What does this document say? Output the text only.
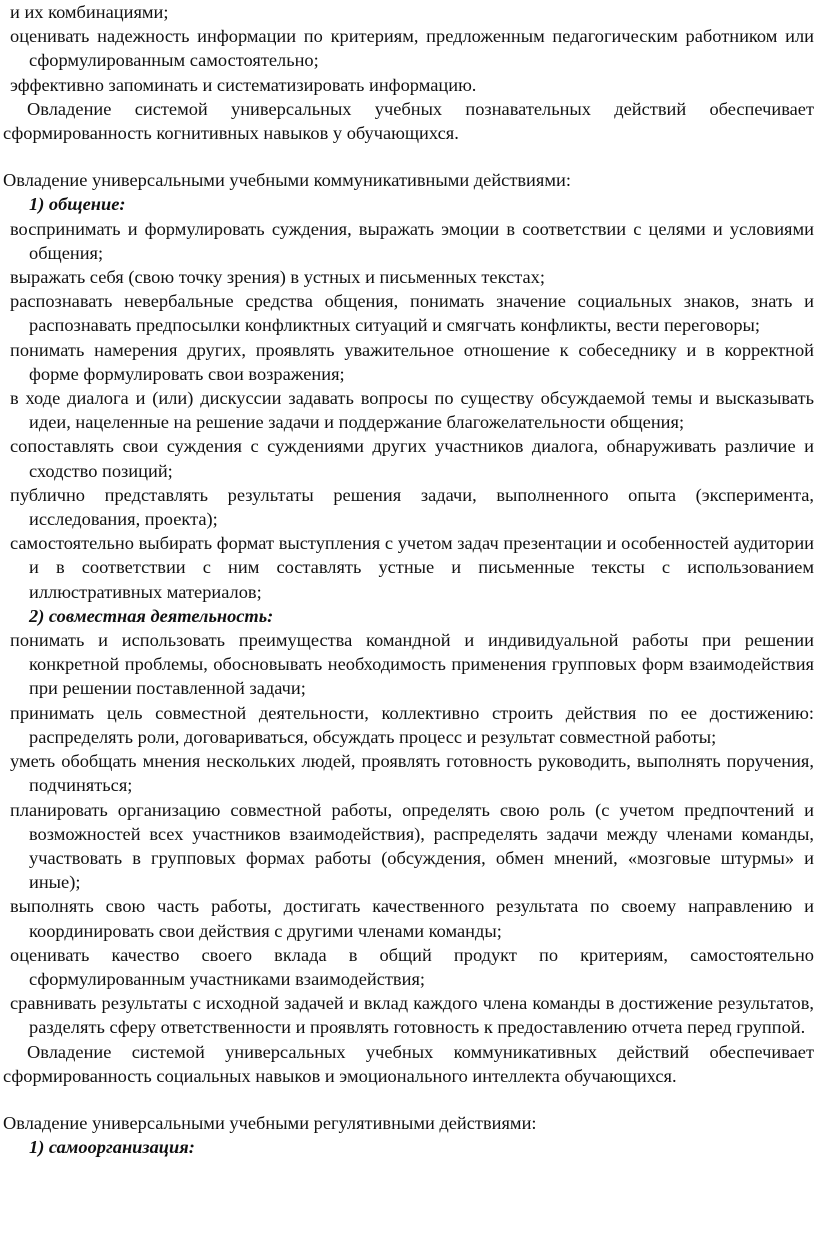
и их комбинациями;

оценивать надежность информации по критериям, предложенным педагогическим работником или сформулированным самостоятельно;

эффективно запоминать и систематизировать информацию.

Овладение системой универсальных учебных познавательных действий обеспечивает сформированность когнитивных навыков у обучающихся.

Овладение универсальными учебными коммуникативными действиями:

1) общение:

воспринимать и формулировать суждения, выражать эмоции в соответствии с целями и условиями общения;

выражать себя (свою точку зрения) в устных и письменных текстах;

распознавать невербальные средства общения, понимать значение социальных знаков, знать и распознавать предпосылки конфликтных ситуаций и смягчать конфликты, вести переговоры;

понимать намерения других, проявлять уважительное отношение к собеседнику и в корректной форме формулировать свои возражения;

в ходе диалога и (или) дискуссии задавать вопросы по существу обсуждаемой темы и высказывать идеи, нацеленные на решение задачи и поддержание благожелательности общения;

сопоставлять свои суждения с суждениями других участников диалога, обнаруживать различие и сходство позиций;

публично представлять результаты решения задачи, выполненного опыта (эксперимента, исследования, проекта);

самостоятельно выбирать формат выступления с учетом задач презентации и особенностей аудитории и в соответствии с ним составлять устные и письменные тексты с использованием иллюстративных материалов;

2) совместная деятельность:

понимать и использовать преимущества командной и индивидуальной работы при решении конкретной проблемы, обосновывать необходимость применения групповых форм взаимодействия при решении поставленной задачи;

принимать цель совместной деятельности, коллективно строить действия по ее достижению: распределять роли, договариваться, обсуждать процесс и результат совместной работы;

уметь обобщать мнения нескольких людей, проявлять готовность руководить, выполнять поручения, подчиняться;

планировать организацию совместной работы, определять свою роль (с учетом предпочтений и возможностей всех участников взаимодействия), распределять задачи между членами команды, участвовать в групповых формах работы (обсуждения, обмен мнений, «мозговые штурмы» и иные);

выполнять свою часть работы, достигать качественного результата по своему направлению и координировать свои действия с другими членами команды;

оценивать качество своего вклада в общий продукт по критериям, самостоятельно сформулированным участниками взаимодействия;

сравнивать результаты с исходной задачей и вклад каждого члена команды в достижение результатов, разделять сферу ответственности и проявлять готовность к предоставлению отчета перед группой.

Овладение системой универсальных учебных коммуникативных действий обеспечивает сформированность социальных навыков и эмоционального интеллекта обучающихся.

Овладение универсальными учебными регулятивными действиями:

1) самоорганизация:
